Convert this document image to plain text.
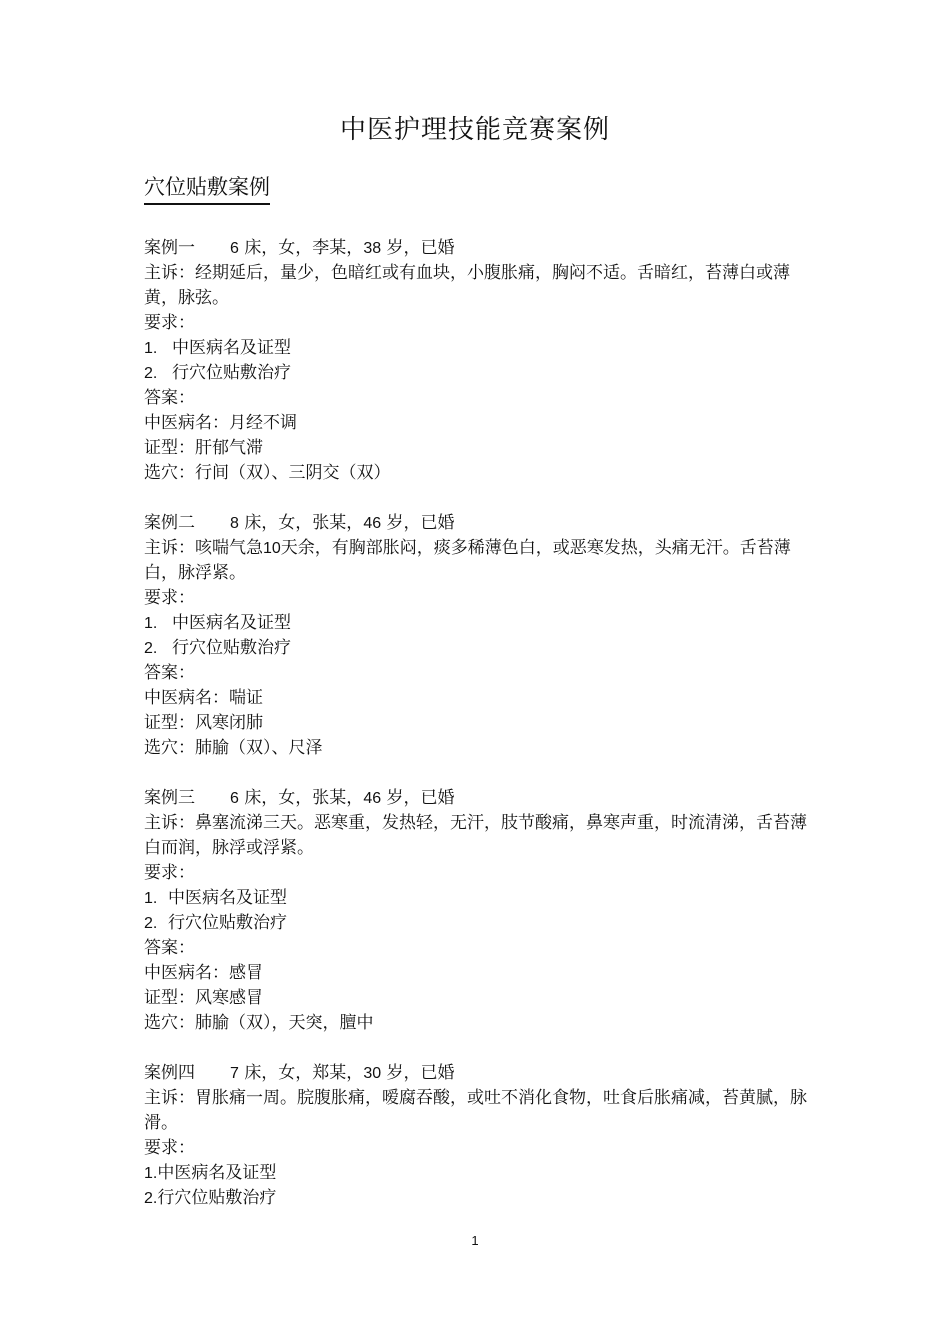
中医护理技能竞赛案例
穴位贴敷案例
案例一 6 床，女，李某，38 岁，已婚
主诉：经期延后，量少，色暗红或有血块，小腹胀痛，胸闷不适。舌暗红，苔薄白或薄黄，脉弦。
要求：
1. 中医病名及证型
2. 行穴位贴敷治疗
答案：
中医病名：月经不调
证型：肝郁气滞
选穴：行间（双）、三阴交（双）
案例二 8 床，女，张某，46 岁，已婚
主诉：咳喘气急10天余，有胸部胀闷，痰多稀薄色白，或恶寒发热，头痛无汗。舌苔薄白，脉浮紧。
要求：
1. 中医病名及证型
2. 行穴位贴敷治疗
答案：
中医病名：喘证
证型：风寒闭肺
选穴：肺腧（双）、尺泽
案例三 6 床，女，张某，46 岁，已婚
主诉：鼻塞流涕三天。恶寒重，发热轻，无汗，肢节酸痛，鼻寒声重，时流清涕，舌苔薄白而润，脉浮或浮紧。
要求：
1. 中医病名及证型
2. 行穴位贴敷治疗
答案：
中医病名：感冒
证型：风寒感冒
选穴：肺腧（双），天突，膻中
案例四 7 床，女，郑某，30 岁，已婚
主诉：胃胀痛一周。脘腹胀痛，嗳腐吞酸，或吐不消化食物，吐食后胀痛减，苔黄腻，脉滑。
要求：
1.中医病名及证型
2.行穴位贴敷治疗
1
